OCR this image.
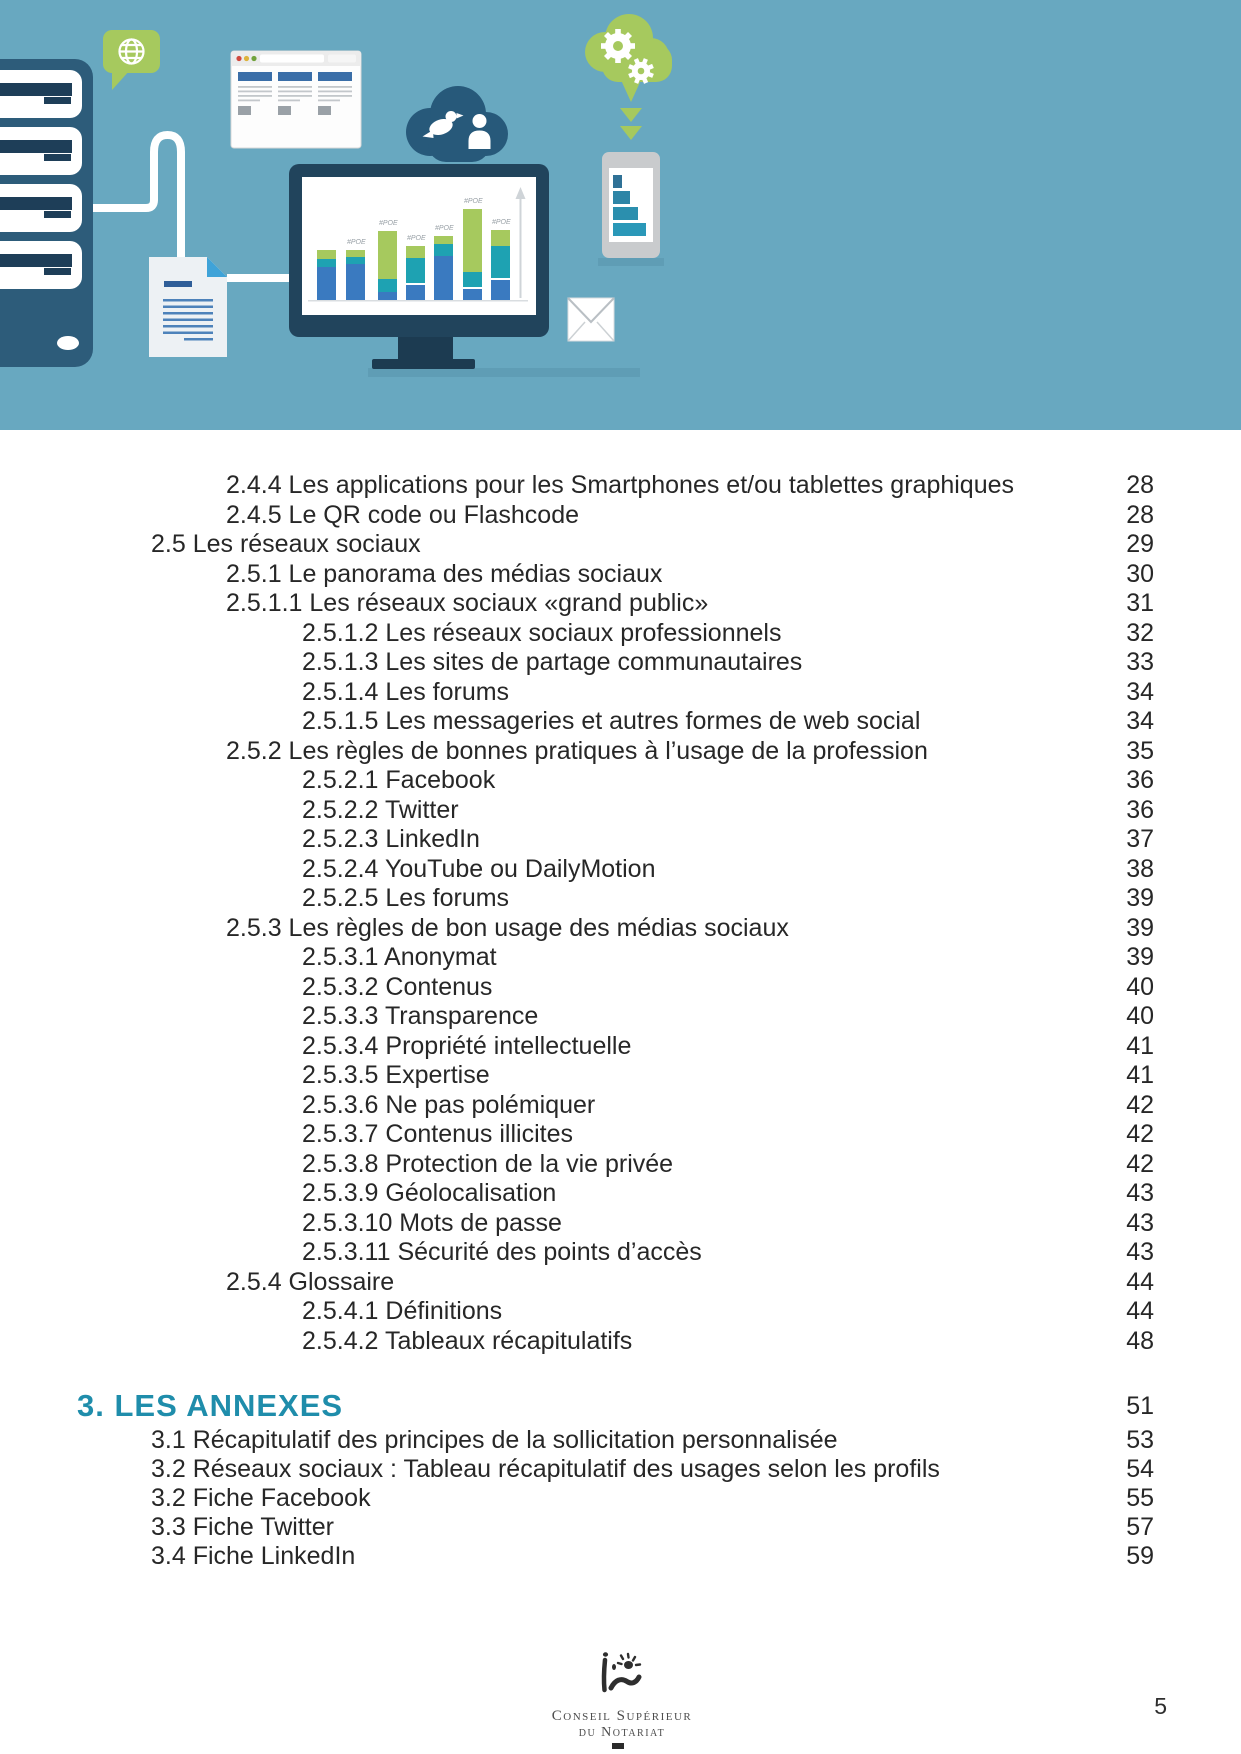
#POE
#POE
#POE
#POE
#POE
#POE
2.4.4 Les applications pour les Smartphones et/ou tablettes graphiques	28
2.4.5 Le QR code ou Flashcode	28
2.5 Les réseaux sociaux	29
2.5.1 Le panorama des médias sociaux	30
2.5.1.1 Les réseaux sociaux «grand public»	31
2.5.1.2 Les réseaux sociaux professionnels	32
2.5.1.3 Les sites de partage communautaires	33
2.5.1.4 Les forums	34
2.5.1.5 Les messageries et autres formes de web social	34
2.5.2 Les règles de bonnes pratiques à l’usage de la profession	35
2.5.2.1 Facebook	36
2.5.2.2 Twitter	36
2.5.2.3 LinkedIn	37
2.5.2.4 YouTube ou DailyMotion	38
2.5.2.5 Les forums	39
2.5.3 Les règles de bon usage des médias sociaux	39
2.5.3.1 Anonymat	39
2.5.3.2 Contenus	40
2.5.3.3 Transparence	40
2.5.3.4 Propriété intellectuelle	41
2.5.3.5 Expertise	41
2.5.3.6 Ne pas polémiquer	42
2.5.3.7 Contenus illicites	42
2.5.3.8 Protection de la vie privée	42
2.5.3.9 Géolocalisation	43
2.5.3.10 Mots de passe	43
2.5.3.11 Sécurité des points d’accès	43
2.5.4 Glossaire	44
2.5.4.1 Définitions	44
2.5.4.2 Tableaux récapitulatifs	48
3. LES ANNEXES	51
3.1 Récapitulatif des principes de la sollicitation personnalisée	53
3.2 Réseaux sociaux : Tableau récapitulatif des usages selon les profils	54
3.2 Fiche Facebook	55
3.3 Fiche Twitter	57
3.4 Fiche LinkedIn	59
Conseil Supérieur
du Notariat
5
